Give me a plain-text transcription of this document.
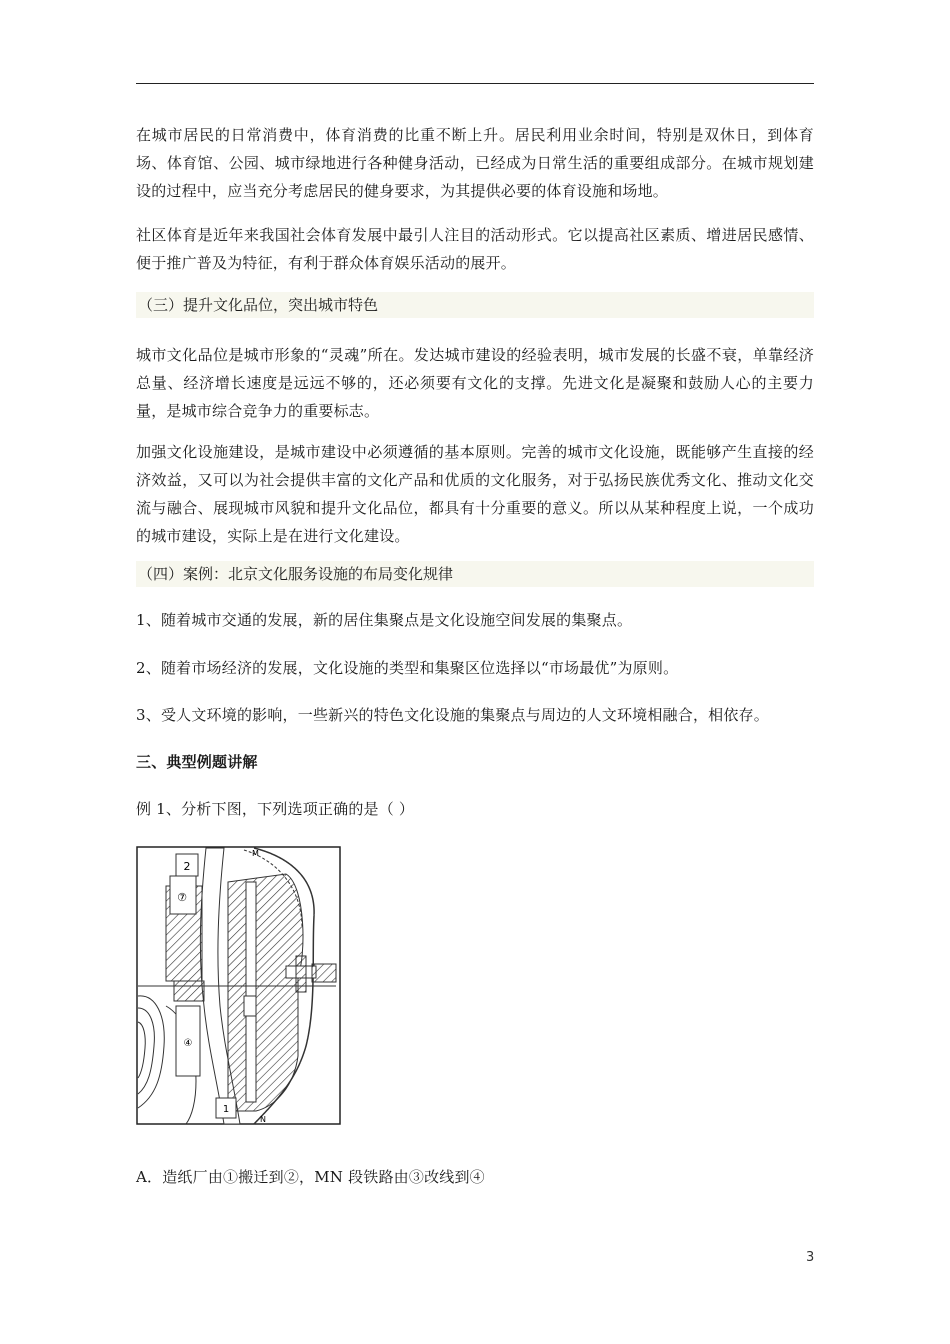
在城市居民的日常消费中，体育消费的比重不断上升。居民利用业余时间，特别是双休日，到体育场、体育馆、公园、城市绿地进行各种健身活动，已经成为日常生活的重要组成部分。在城市规划建设的过程中，应当充分考虑居民的健身要求，为其提供必要的体育设施和场地。
社区体育是近年来我国社会体育发展中最引人注目的活动形式。它以提高社区素质、增进居民感情、便于推广普及为特征，有利于群众体育娱乐活动的展开。
（三）提升文化品位，突出城市特色
城市文化品位是城市形象的“灵魂”所在。发达城市建设的经验表明，城市发展的长盛不衰，单靠经济总量、经济增长速度是远远不够的，还必须要有文化的支撑。先进文化是凝聚和鼓励人心的主要力量，是城市综合竞争力的重要标志。
加强文化设施建设，是城市建设中必须遵循的基本原则。完善的城市文化设施，既能够产生直接的经济效益，又可以为社会提供丰富的文化产品和优质的文化服务，对于弘扬民族优秀文化、推动文化交流与融合、展现城市风貌和提升文化品位，都具有十分重要的意义。所以从某种程度上说，一个成功的城市建设，实际上是在进行文化建设。
（四）案例：北京文化服务设施的布局变化规律
1、随着城市交通的发展，新的居住集聚点是文化设施空间发展的集聚点。
2、随着市场经济的发展，文化设施的类型和集聚区位选择以“市场最优”为原则。
3、受人文环境的影响，一些新兴的特色文化设施的集聚点与周边的人文环境相融合，相依存。
三、典型例题讲解
例 1、分析下图，下列选项正确的是（ ）
2
⑦
④
M
N
1
A．造纸厂由①搬迁到②，MN 段铁路由③改线到④
3
